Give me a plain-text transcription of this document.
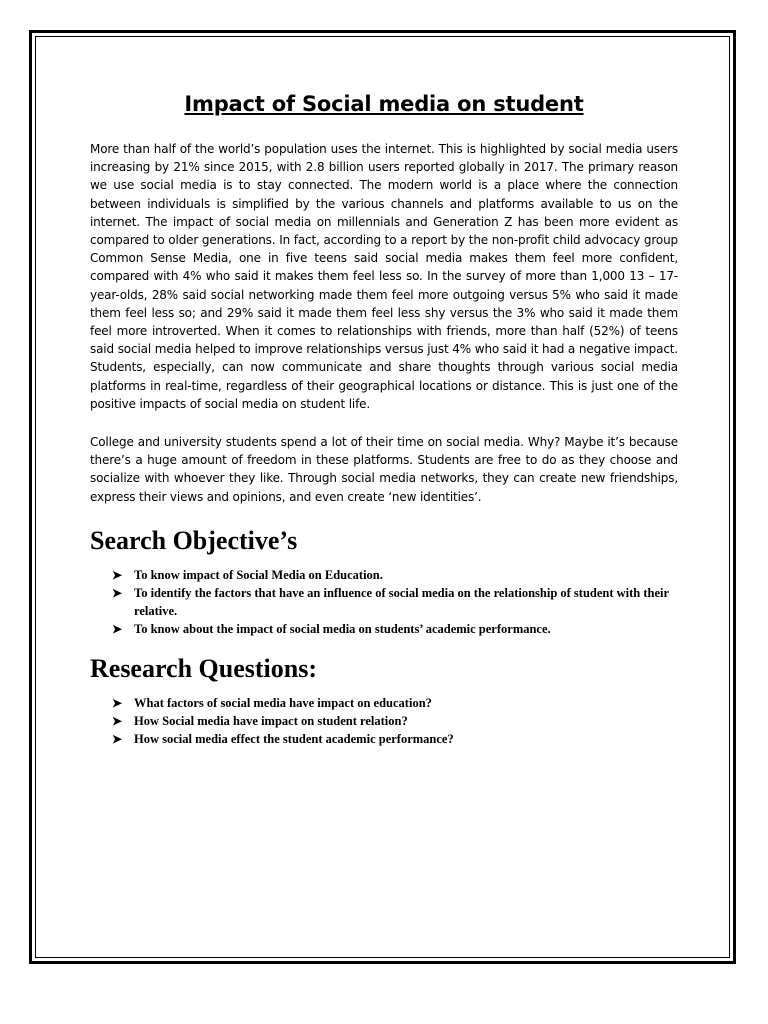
Impact of Social media on student

More than half of the world’s population uses the internet. This is highlighted by social media users increasing by 21% since 2015, with 2.8 billion users reported globally in 2017. The primary reason we use social media is to stay connected. The modern world is a place where the connection between individuals is simplified by the various channels and platforms available to us on the internet. The impact of social media on millennials and Generation Z has been more evident as compared to older generations. In fact, according to a report by the non-profit child advocacy group Common Sense Media, one in five teens said social media makes them feel more confident, compared with 4% who said it makes them feel less so. In the survey of more than 1,000 13 – 17-year-olds, 28% said social networking made them feel more outgoing versus 5% who said it made them feel less so; and 29% said it made them feel less shy versus the 3% who said it made them feel more introverted. When it comes to relationships with friends, more than half (52%) of teens said social media helped to improve relationships versus just 4% who said it had a negative impact. Students, especially, can now communicate and share thoughts through various social media platforms in real-time, regardless of their geographical locations or distance. This is just one of the positive impacts of social media on student life.

College and university students spend a lot of their time on social media. Why? Maybe it’s because there’s a huge amount of freedom in these platforms. Students are free to do as they choose and socialize with whoever they like. Through social media networks, they can create new friendships, express their views and opinions, and even create ‘new identities’.

Search Objective’s
➤ To know impact of Social Media on Education.
➤ To identify the factors that have an influence of social media on the relationship of student with their relative.
➤ To know about the impact of social media on students’ academic performance.
Research Questions:
➤ What factors of social media have impact on education?
➤ How Social media have impact on student relation?
➤ How social media effect the student academic performance?
